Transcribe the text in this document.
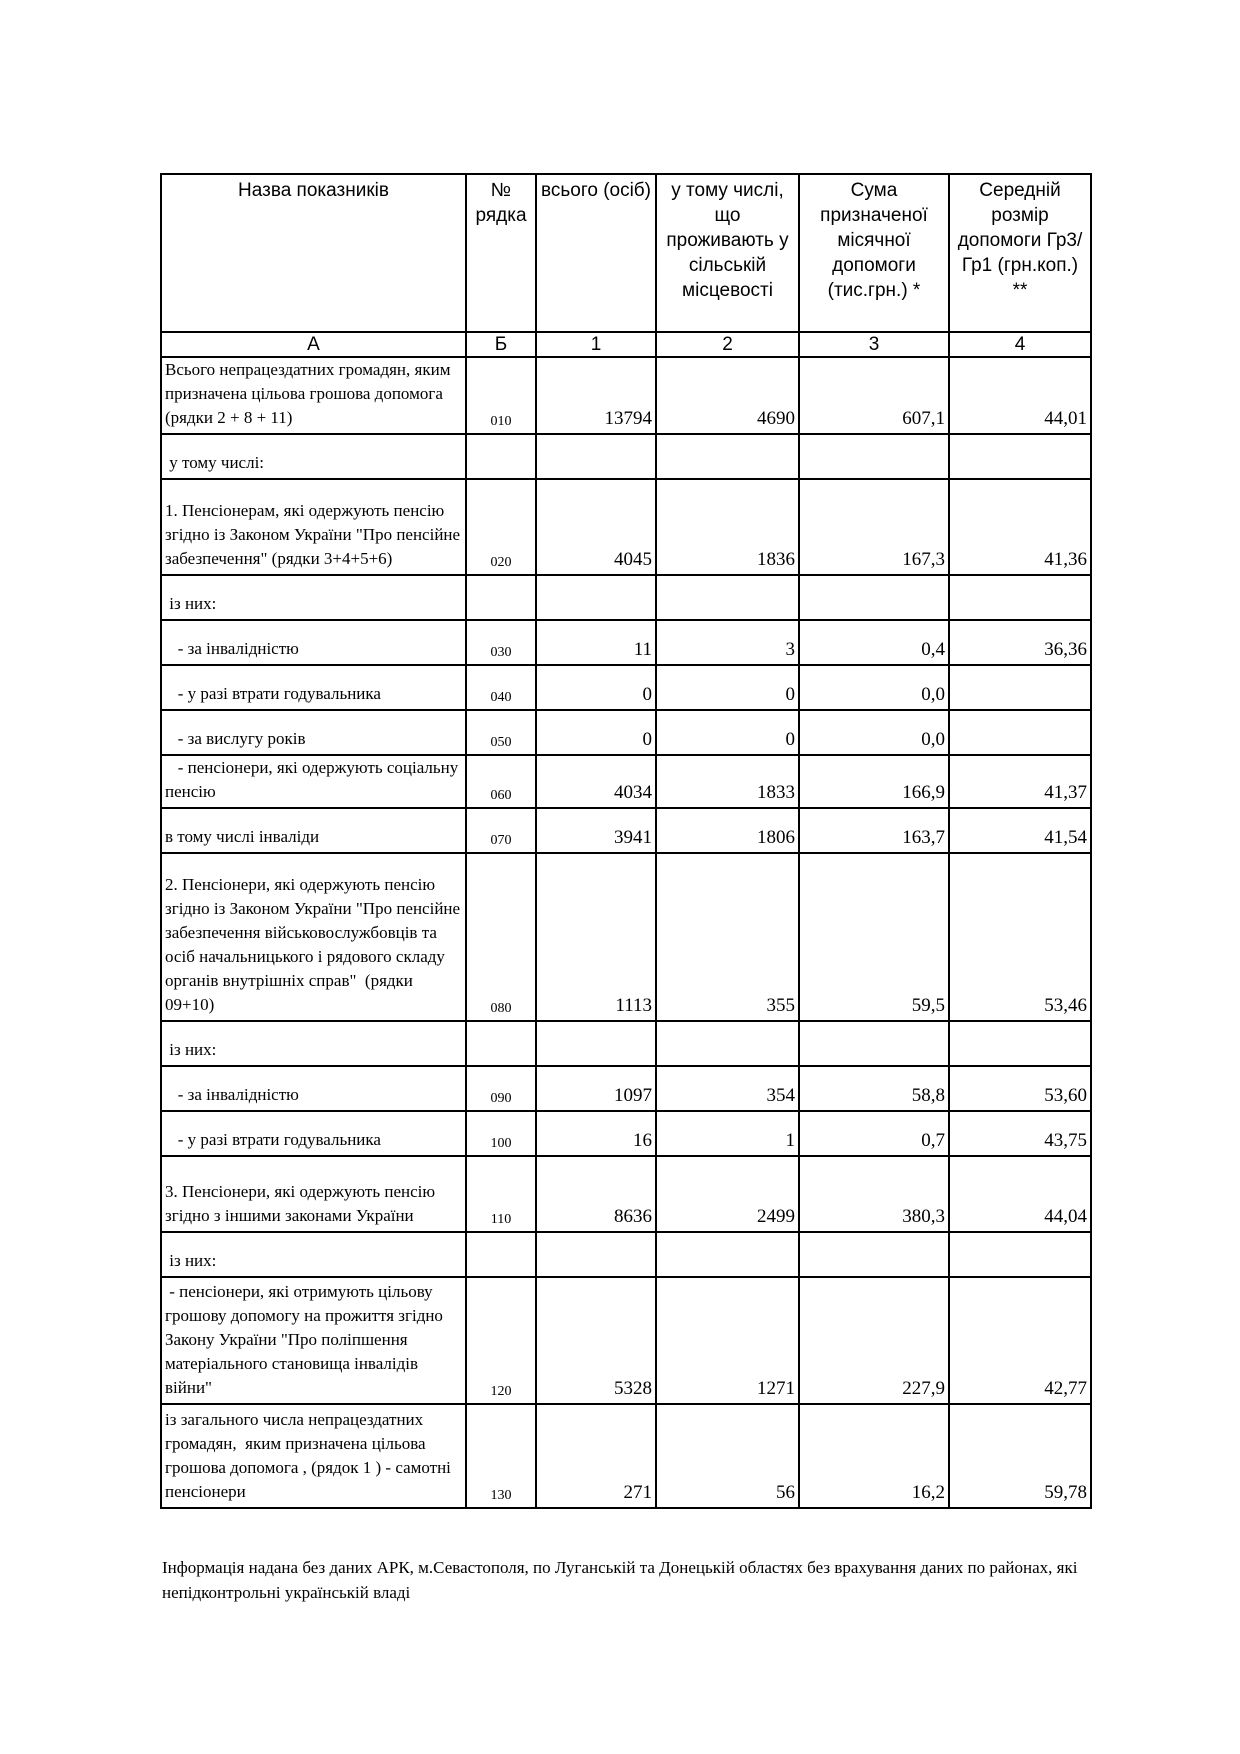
Назва показників	№ рядка	всього (осіб)	у тому числі, що проживають у сільській місцевості	Сума призначеної місячної допомоги (тис.грн.) *	Середній розмір допомоги Гр3/Гр1 (грн.коп.) **
А	Б	1	2	3	4
Всього непрацездатних громадян, яким призначена цільова грошова допомога (рядки 2 + 8 + 11)	010	13794	4690	607,1	44,01
у тому числі:					
1. Пенсіонерам, які одержують пенсію згідно із Законом України "Про пенсійне забезпечення" (рядки 3+4+5+6)	020	4045	1836	167,3	41,36
із них:					
- за інвалідністю	030	11	3	0,4	36,36
- у разі втрати годувальника	040	0	0	0,0	
- за вислугу років	050	0	0	0,0	
- пенсіонери, які одержують соціальну пенсію	060	4034	1833	166,9	41,37
в тому числі інваліди	070	3941	1806	163,7	41,54
2. Пенсіонери, які одержують пенсію згідно із Законом України "Про пенсійне забезпечення військовослужбовців та осіб начальницького і рядового складу органів внутрішніх справ"  (рядки 09+10)	080	1113	355	59,5	53,46
із них:					
- за інвалідністю	090	1097	354	58,8	53,60
- у разі втрати годувальника	100	16	1	0,7	43,75
3. Пенсіонери, які одержують пенсію згідно з іншими законами України	110	8636	2499	380,3	44,04
із них:					
- пенсіонери, які отримують цільову грошову допомогу на прожиття згідно Закону України "Про поліпшення матеріального становища інвалідів війни"	120	5328	1271	227,9	42,77
із загального числа непрацездатних громадян,  яким призначена цільова грошова допомога , (рядок 1 ) - самотні пенсіонери	130	271	56	16,2	59,78
Інформація надана без даних АРК, м.Севастополя, по Луганській та Донецькій областях без врахування даних по районах, які непідконтрольні українській владі
